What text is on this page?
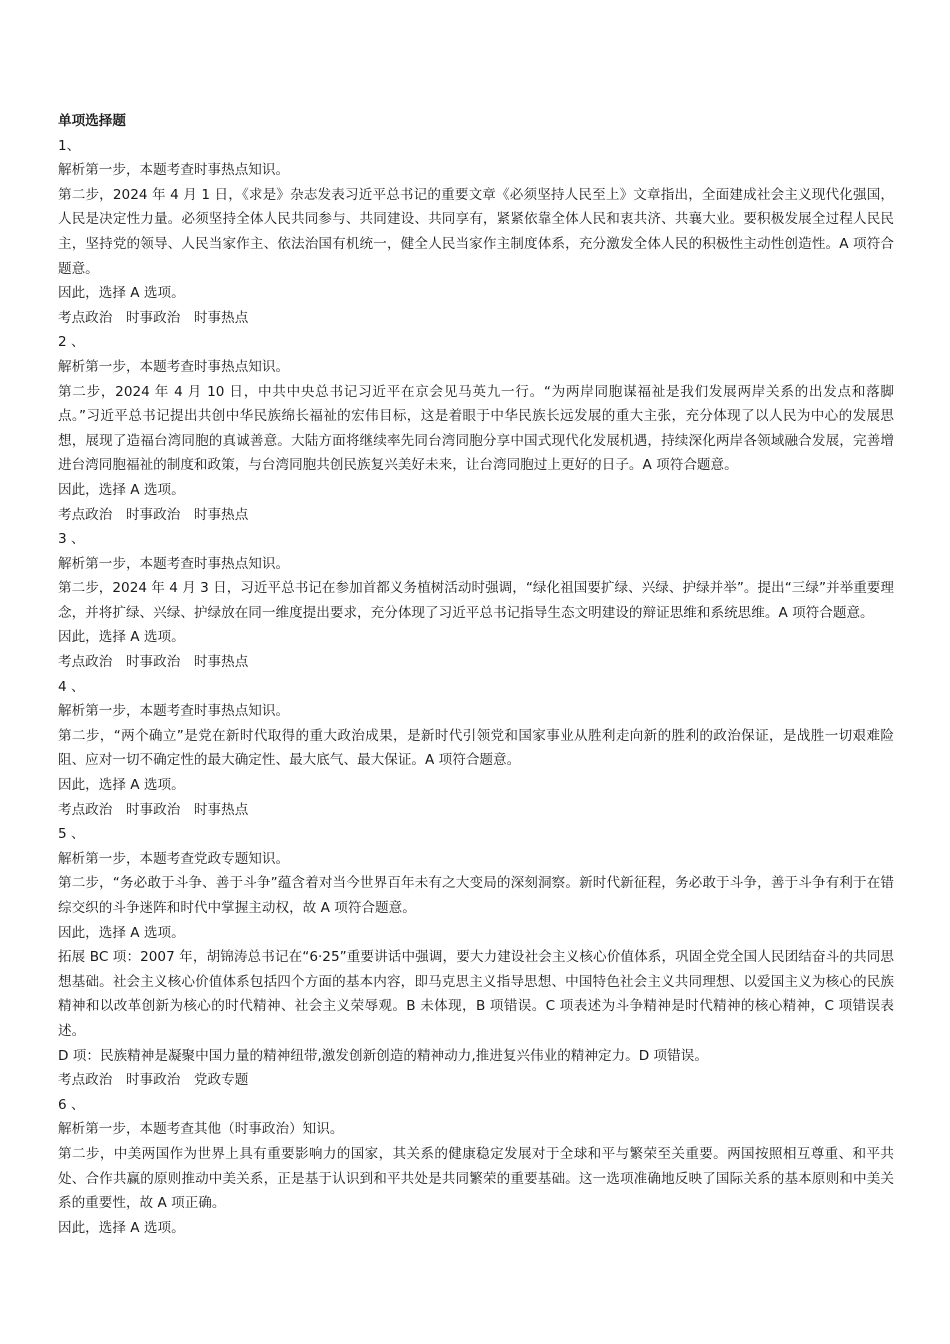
单项选择题
1、
解析第一步，本题考查时事热点知识。
第二步，2024 年 4 月 1 日，《求是》杂志发表习近平总书记的重要文章《必须坚持人民至上》文章指出，全面建成社会主义现代化强国，人民是决定性力量。必须坚持全体人民共同参与、共同建设、共同享有，紧紧依靠全体人民和衷共济、共襄大业。要积极发展全过程人民民主，坚持党的领导、人民当家作主、依法治国有机统一，健全人民当家作主制度体系，充分激发全体人民的积极性主动性创造性。A 项符合题意。
因此，选择 A 选项。
考点政治　时事政治　时事热点
2 、
解析第一步，本题考查时事热点知识。
第二步，2024 年 4 月 10 日，中共中央总书记习近平在京会见马英九一行。“为两岸同胞谋福祉是我们发展两岸关系的出发点和落脚点。”习近平总书记提出共创中华民族绵长福祉的宏伟目标，这是着眼于中华民族长远发展的重大主张，充分体现了以人民为中心的发展思想，展现了造福台湾同胞的真诚善意。大陆方面将继续率先同台湾同胞分享中国式现代化发展机遇，持续深化两岸各领域融合发展，完善增进台湾同胞福祉的制度和政策，与台湾同胞共创民族复兴美好未来，让台湾同胞过上更好的日子。A 项符合题意。
因此，选择 A 选项。
考点政治　时事政治　时事热点
3 、
解析第一步，本题考查时事热点知识。
第二步，2024 年 4 月 3 日，习近平总书记在参加首都义务植树活动时强调，“绿化祖国要扩绿、兴绿、护绿并举”。提出“三绿”并举重要理念，并将扩绿、兴绿、护绿放在同一维度提出要求，充分体现了习近平总书记指导生态文明建设的辩证思维和系统思维。A 项符合题意。
因此，选择 A 选项。
考点政治　时事政治　时事热点
4 、
解析第一步，本题考查时事热点知识。
第二步，“两个确立”是党在新时代取得的重大政治成果，是新时代引领党和国家事业从胜利走向新的胜利的政治保证，是战胜一切艰难险阻、应对一切不确定性的最大确定性、最大底气、最大保证。A 项符合题意。
因此，选择 A 选项。
考点政治　时事政治　时事热点
5 、
解析第一步，本题考查党政专题知识。
第二步，“务必敢于斗争、善于斗争”蕴含着对当今世界百年未有之大变局的深刻洞察。新时代新征程，务必敢于斗争，善于斗争有利于在错综交织的斗争迷阵和时代中掌握主动权，故 A 项符合题意。
因此，选择 A 选项。
拓展 BC 项：2007 年，胡锦涛总书记在“6·25”重要讲话中强调，要大力建设社会主义核心价值体系，巩固全党全国人民团结奋斗的共同思想基础。社会主义核心价值体系包括四个方面的基本内容，即马克思主义指导思想、中国特色社会主义共同理想、以爱国主义为核心的民族精神和以改革创新为核心的时代精神、社会主义荣辱观。B 未体现，B 项错误。C 项表述为斗争精神是时代精神的核心精神，C 项错误表述。
D 项：民族精神是凝聚中国力量的精神纽带,激发创新创造的精神动力,推进复兴伟业的精神定力。D 项错误。
考点政治　时事政治　党政专题
6 、
解析第一步，本题考查其他（时事政治）知识。
第二步，中美两国作为世界上具有重要影响力的国家，其关系的健康稳定发展对于全球和平与繁荣至关重要。两国按照相互尊重、和平共处、合作共赢的原则推动中美关系，正是基于认识到和平共处是共同繁荣的重要基础。这一选项准确地反映了国际关系的基本原则和中美关系的重要性，故 A 项正确。
因此，选择 A 选项。
